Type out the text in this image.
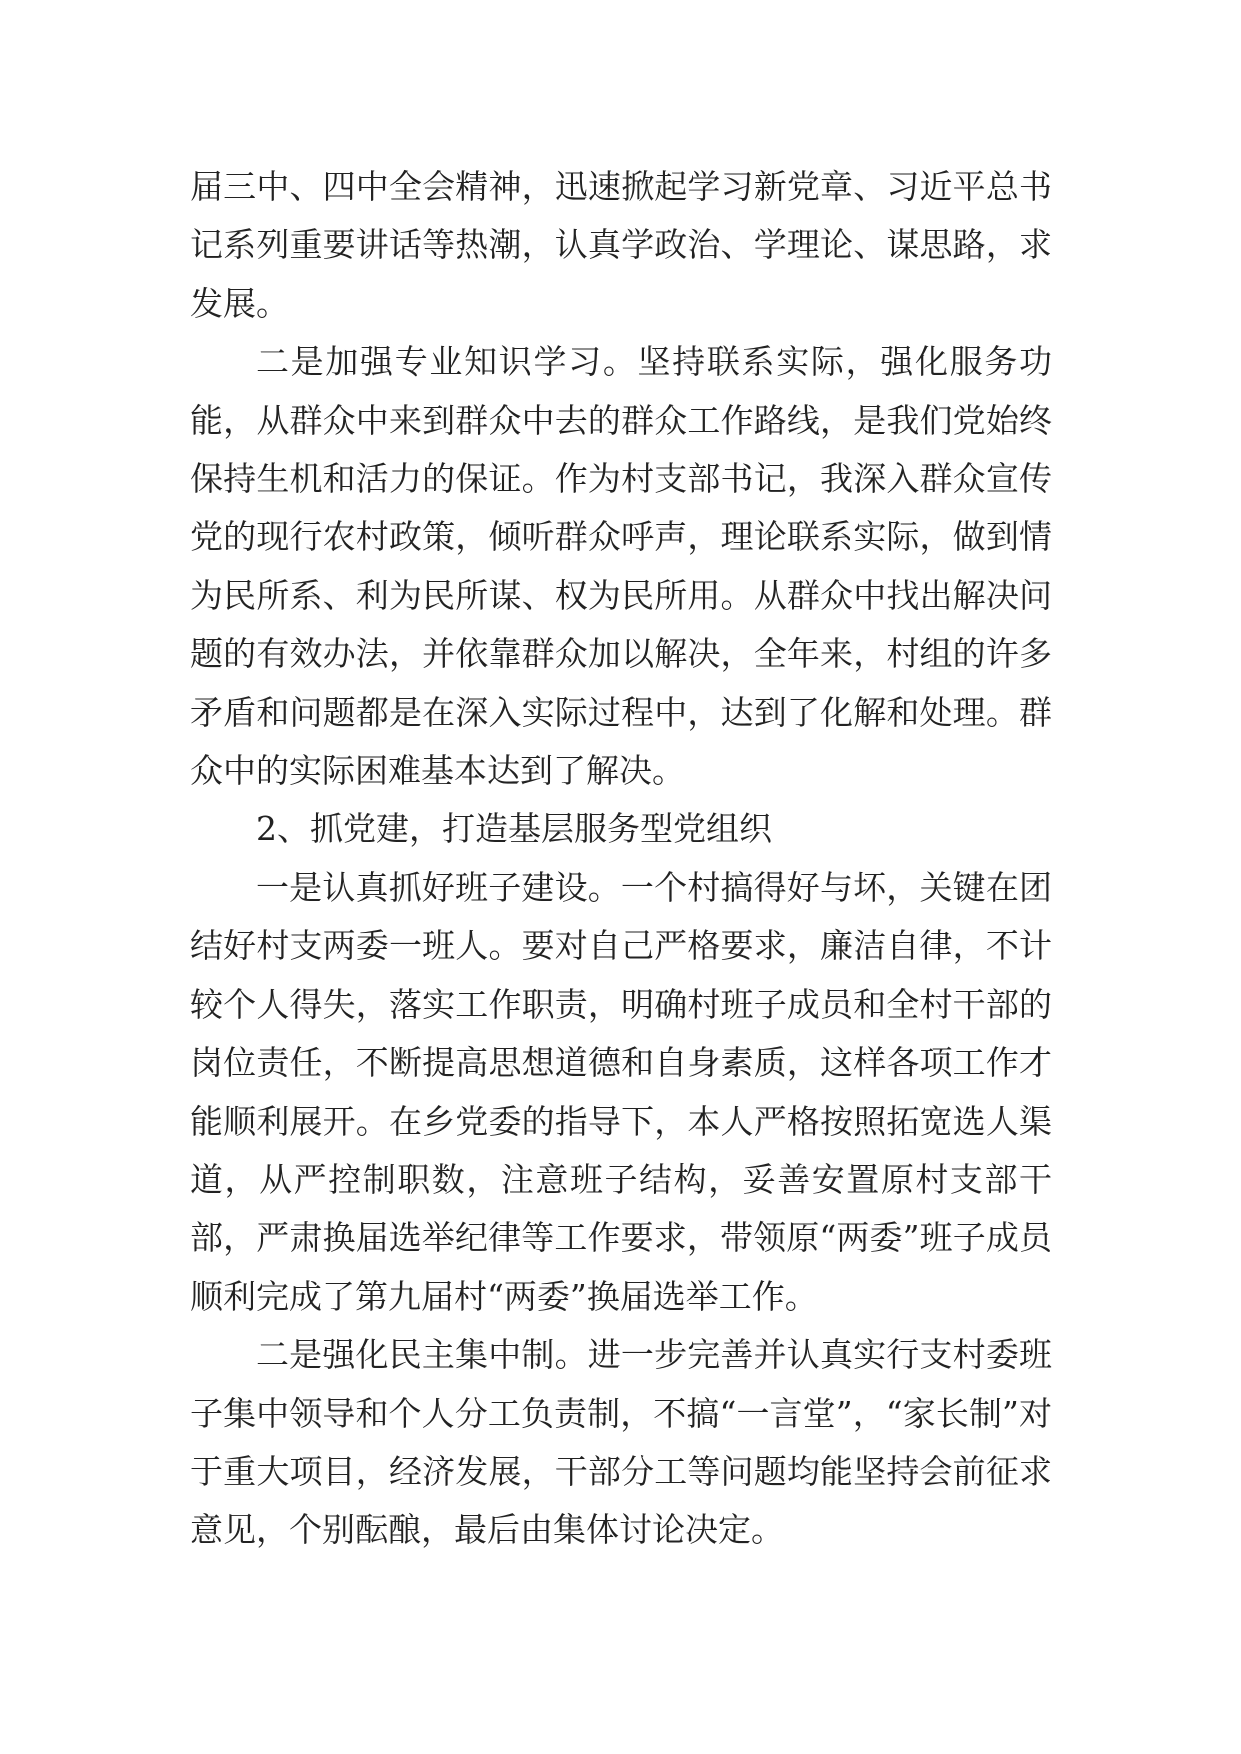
届三中、四中全会精神，迅速掀起学习新党章、习近平总书记系列重要讲话等热潮，认真学政治、学理论、谋思路，求发展。

二是加强专业知识学习。坚持联系实际，强化服务功能，从群众中来到群众中去的群众工作路线，是我们党始终保持生机和活力的保证。作为村支部书记，我深入群众宣传党的现行农村政策，倾听群众呼声，理论联系实际，做到情为民所系、利为民所谋、权为民所用。从群众中找出解决问题的有效办法，并依靠群众加以解决，全年来，村组的许多矛盾和问题都是在深入实际过程中，达到了化解和处理。群众中的实际困难基本达到了解决。

2、抓党建，打造基层服务型党组织

一是认真抓好班子建设。一个村搞得好与坏，关键在团结好村支两委一班人。要对自己严格要求，廉洁自律，不计较个人得失，落实工作职责，明确村班子成员和全村干部的岗位责任，不断提高思想道德和自身素质，这样各项工作才能顺利展开。在乡党委的指导下，本人严格按照拓宽选人渠道，从严控制职数，注意班子结构，妥善安置原村支部干部，严肃换届选举纪律等工作要求，带领原“两委”班子成员顺利完成了第九届村“两委”换届选举工作。

二是强化民主集中制。进一步完善并认真实行支村委班子集中领导和个人分工负责制，不搞“一言堂”，“家长制”对于重大项目，经济发展，干部分工等问题均能坚持会前征求意见，个别酝酿，最后由集体讨论决定。
